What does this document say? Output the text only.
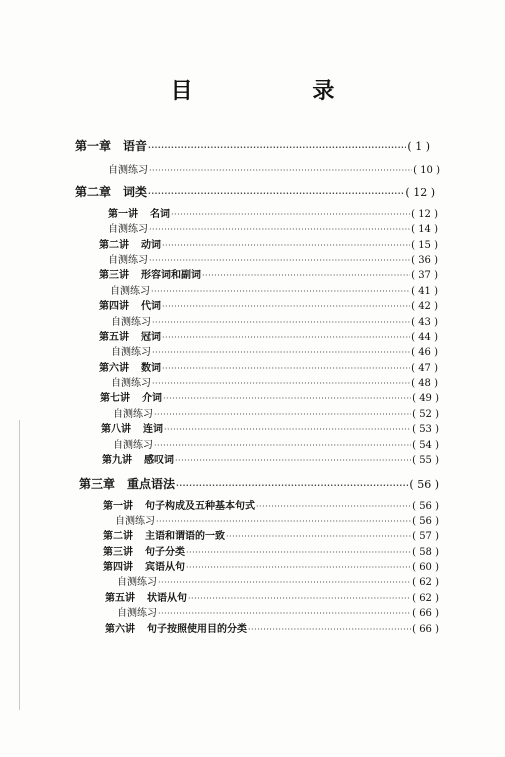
目 录
第一章 语音 ·····	( 1 )
自测练习 ·····	( 10 )
第二章 词类 ·····	( 12 )
第一讲 名词 ·····	( 12 )
自测练习 ·····	( 14 )
第二讲 动词 ·····	( 15 )
自测练习 ·····	( 36 )
第三讲 形容词和副词 ·····	( 37 )
自测练习 ·····	( 41 )
第四讲 代词 ·····	( 42 )
自测练习 ·····	( 43 )
第五讲 冠词 ·····	( 44 )
自测练习 ·····	( 46 )
第六讲 数词 ·····	( 47 )
自测练习 ·····	( 48 )
第七讲 介词 ·····	( 49 )
自测练习 ·····	( 52 )
第八讲 连词 ·····	( 53 )
自测练习 ·····	( 54 )
第九讲 感叹词 ·····	( 55 )
第三章 重点语法 ·····	( 56 )
第一讲 句子构成及五种基本句式 ·····	( 56 )
自测练习 ·····	( 56 )
第二讲 主语和谓语的一致 ·····	( 57 )
第三讲 句子分类 ·····	( 58 )
第四讲 宾语从句 ·····	( 60 )
自测练习 ·····	( 62 )
第五讲 状语从句 ·····	( 62 )
自测练习 ·····	( 66 )
第六讲 句子按照使用目的分类 ·····	( 66 )
